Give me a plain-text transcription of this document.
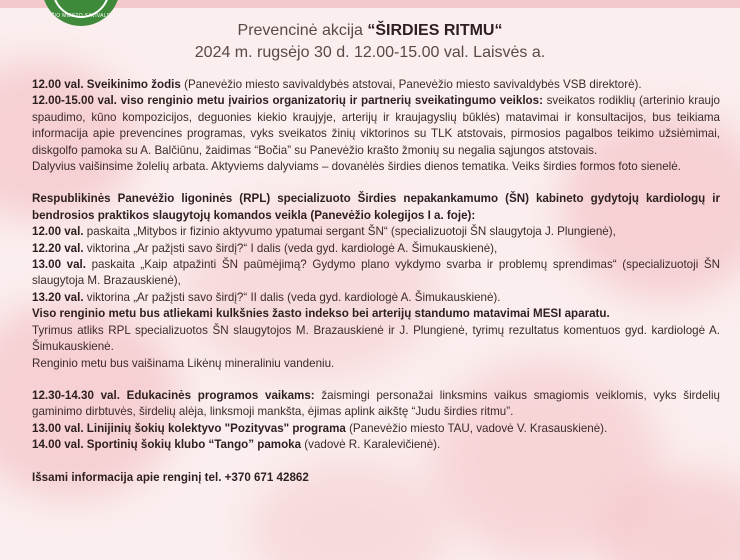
ŽIO MIESTO SAVIVALD
Prevencinė akcija “ŠIRDIES RITMU“
2024 m. rugsėjo 30 d. 12.00-15.00 val. Laisvės a.

12.00 val. Sveikinimo žodis (Panevėžio miesto savivaldybės atstovai, Panevėžio miesto savivaldybės VSB direktorė).

12.00-15.00 val. viso renginio metu įvairios organizatorių ir partnerių sveikatingumo veiklos: sveikatos rodiklių (arterinio kraujo spaudimo, kūno kompozicijos, deguonies kiekio kraujyje, arterijų ir kraujagyslių būklės) matavimai ir konsultacijos, bus teikiama informacija apie prevencines programas, vyks sveikatos žinių viktorinos su TLK atstovais, pirmosios pagalbos teikimo užsiėmimai, diskgolfo pamoka su A. Balčiūnu, žaidimas “Boč̌ia” su Panevėžio krašto žmonių su negalia sąjungos atstovais.

Dalyvius vaišinsime žolelių arbata. Aktyviems dalyviams – dovanėlės širdies dienos tematika. Veiks širdies formos foto sienelė.

Respublikinės Panevėžio ligoninės (RPL) specializuoto Širdies nepakankamumo (ŠN) kabineto gydytojų kardiologų ir bendrosios praktikos slaugytojų komandos veikla (Panevėžio kolegijos I a. foje):

12.00 val. paskaita „Mitybos ir fizinio aktyvumo ypatumai sergant ŠN“ (specializuotoji ŠN slaugytoja J. Plungienė),

12.20 val. viktorina „Ar pažįsti savo širdį?“ I dalis (veda gyd. kardiologė A. Šimukauskienė),

13.00 val. paskaita „Kaip atpažinti ŠN paūmėjimą? Gydymo plano vykdymo svarba ir problemų sprendimas“ (specializuotoji ŠN slaugytoja M. Brazauskienė),

13.20 val. viktorina „Ar pažįsti savo širdį?“ II dalis (veda gyd. kardiologė A. Šimukauskienė).

Viso renginio metu bus atliekami kulkšnies žasto indekso bei arterijų standumo matavimai MESI aparatu.

Tyrimus atliks RPL specializuotos ŠN slaugytojos M. Brazauskienė ir J. Plungienė, tyrimų rezultatus komentuos gyd. kardiologė A. Šimukauskienė.

Renginio metu bus vaišinama Likėnų mineraliniu vandeniu.

12.30-14.30 val. Edukacinės programos vaikams: žaismingi personažai linksmins vaikus smagiomis veiklomis, vyks širdelių gaminimo dirbtuvės, širdelių alėja, linksmoji mankšta, ėjimas aplink aikštę “Judu širdies ritmu”.

13.00 val. Linijinių šokių kolektyvo "Pozityvas" programa (Panevėžio miesto TAU, vadovė V. Krasauskienė).

14.00 val. Sportinių šokių klubo “Tango” pamoka (vadovė R. Karalevičienė).

Išsami informacija apie renginį tel. +370 671 42862
